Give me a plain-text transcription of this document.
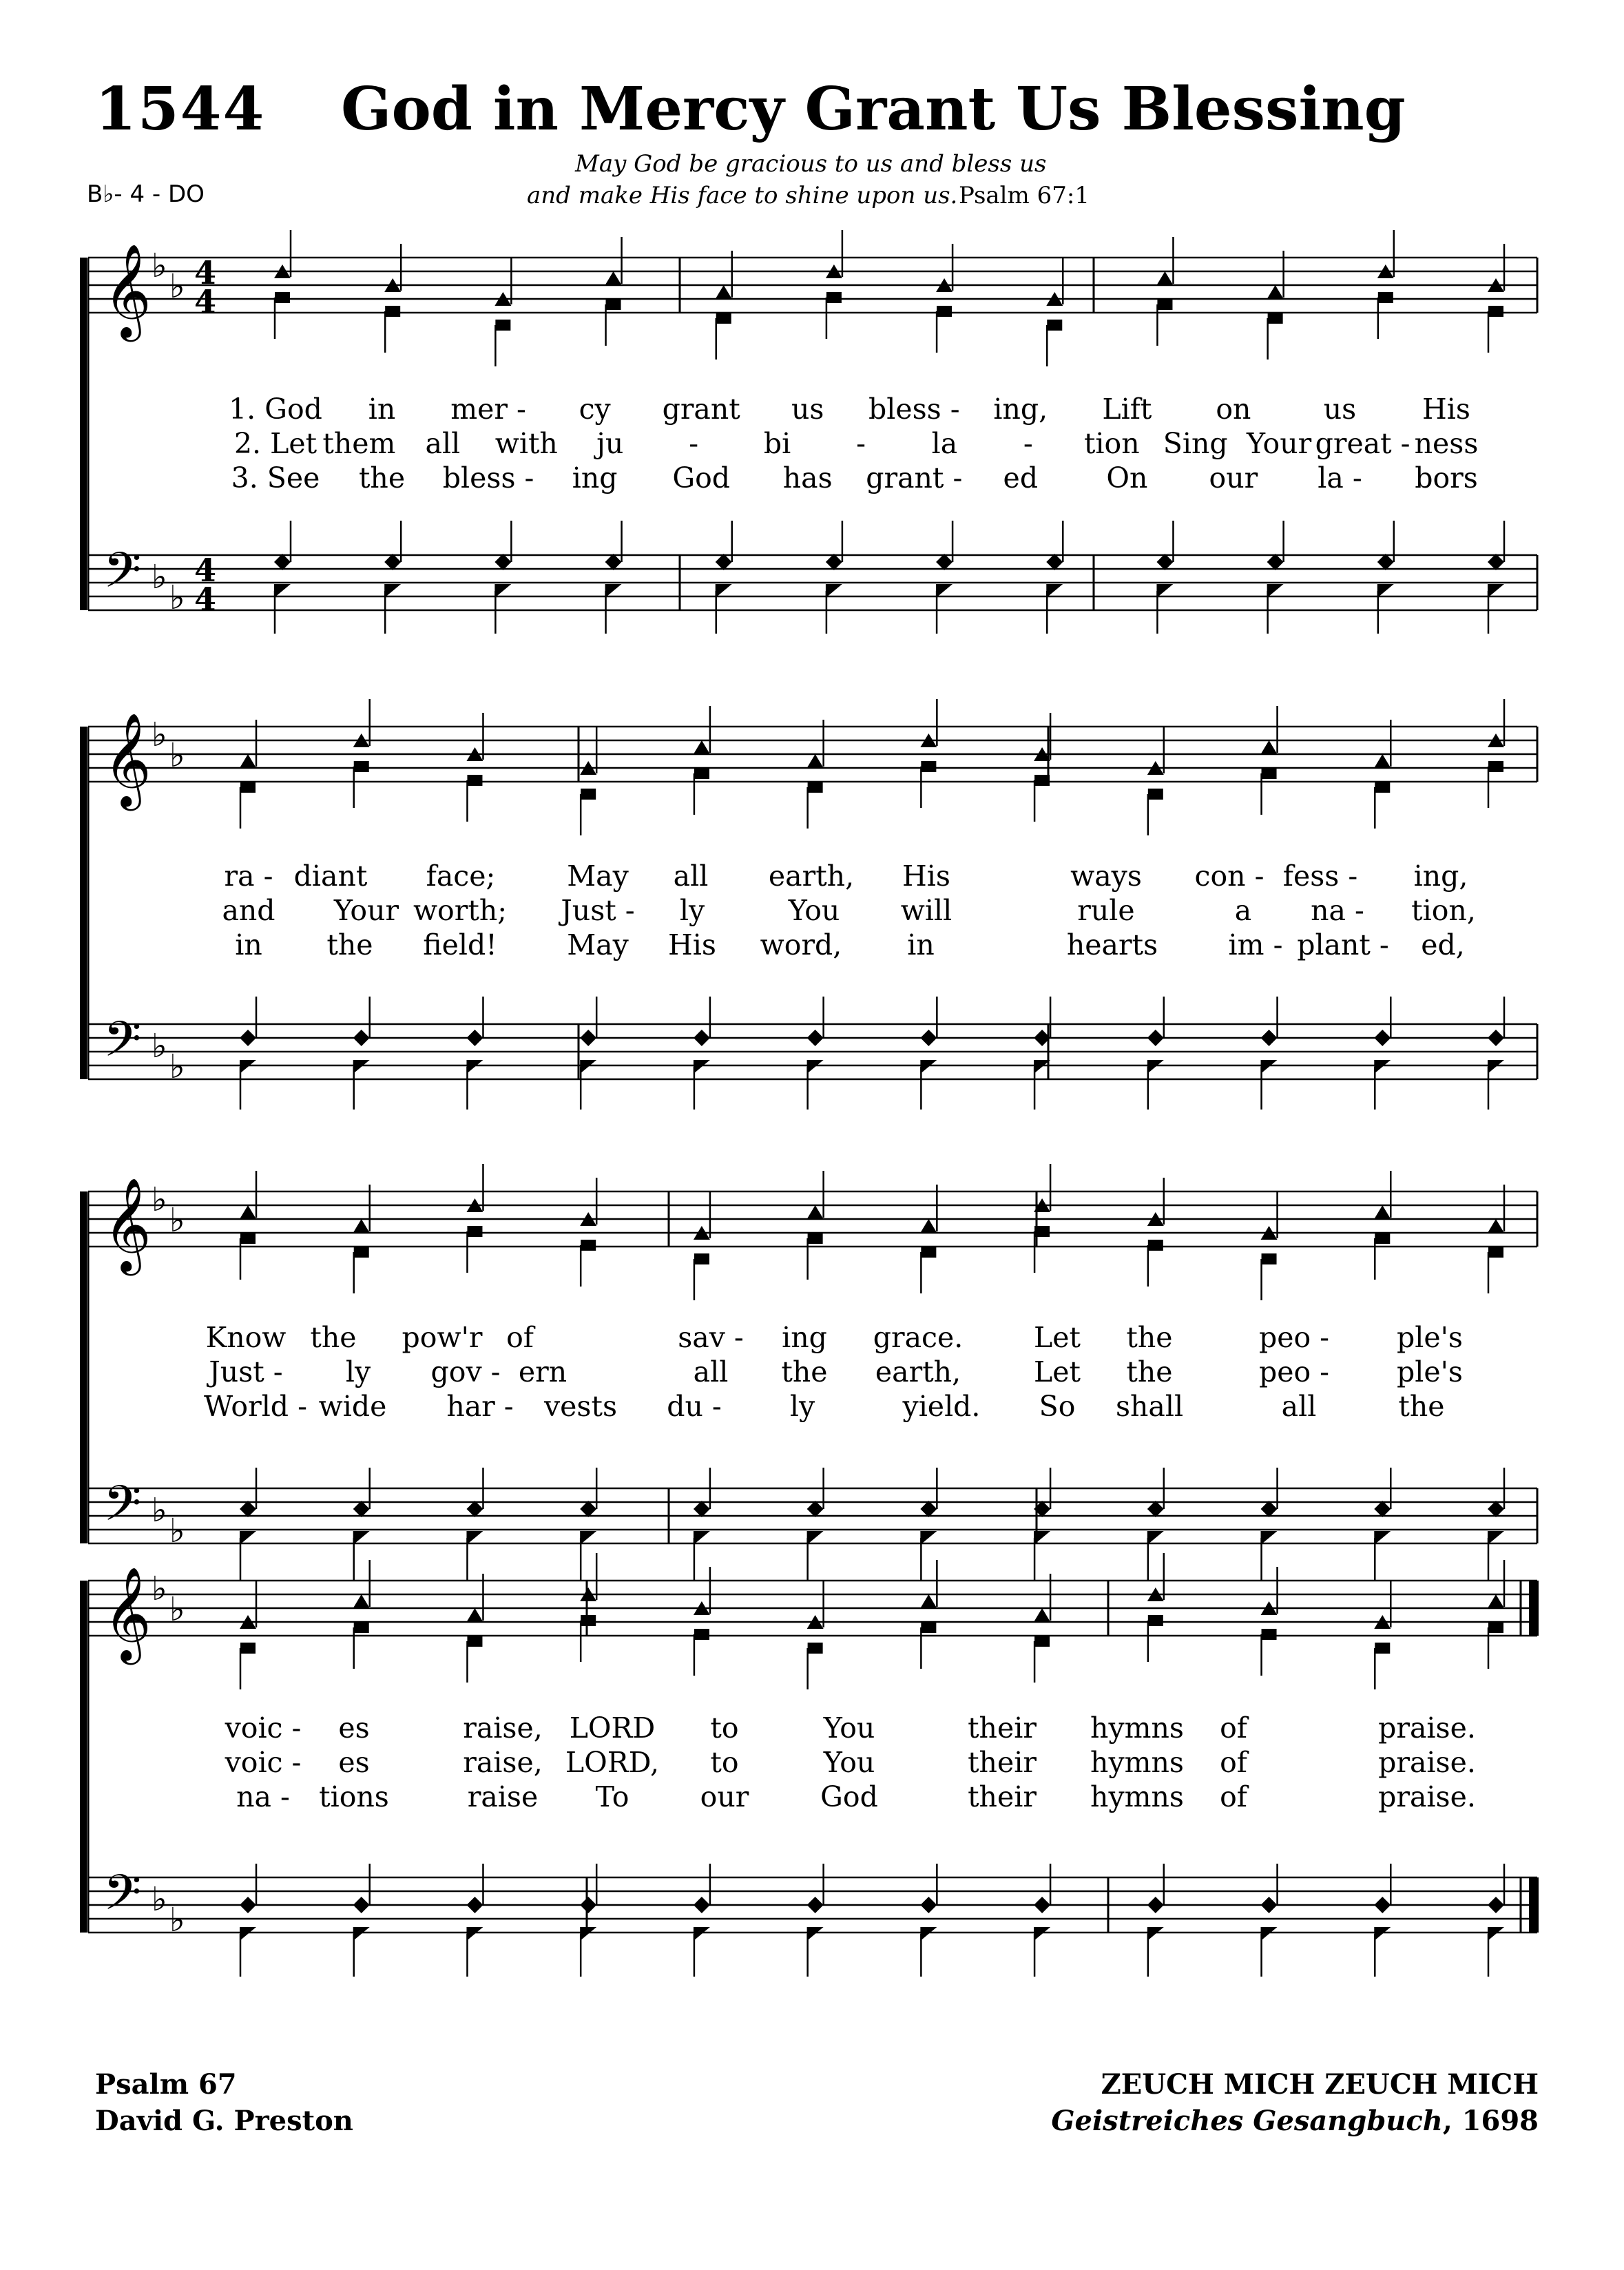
1544 God in Mercy Grant Us Blessing
B♭- 4 - DO
May God be gracious to us and bless us
and make His face to shine upon us. Psalm 67:1
𝄞
𝄢
♭
♭
♭
♭
4
4
4
4
𝄞
𝄢
♭
♭
♭
♭
𝄞
𝄢
♭
♭
♭
♭
𝄞
𝄢
♭
♭
♭
♭
1. God in mer - cy grant us bless - ing, Lift on	us His
2. Let them all with ju - bi - la - tion Sing Your great - ness
3. See the bless - ing God has grant - ed On our la - bors
ra - diant face;	May all earth, His	ways con - fess - ing,
and Your worth; Just - ly	You will	rule	a na - tion,
in the field! May His word, in	hearts im - plant - ed,
Know the pow'r of	sav - ing grace.	Let the	peo - ple's
Just - ly gov - ern	all the earth,	Let the	peo - ple's
World - wide har - vests du - ly	yield. So shall	all	the
voic - es	raise, LORD to	You	their hymns of	praise.
voic - es	raise, LORD, to	You	their hymns of	praise.
na - tions	raise To	our	God	their hymns of	praise.
Psalm 67
David G. Preston
ZEUCH MICH ZEUCH MICH
Geistreiches Gesangbuch, 1698
